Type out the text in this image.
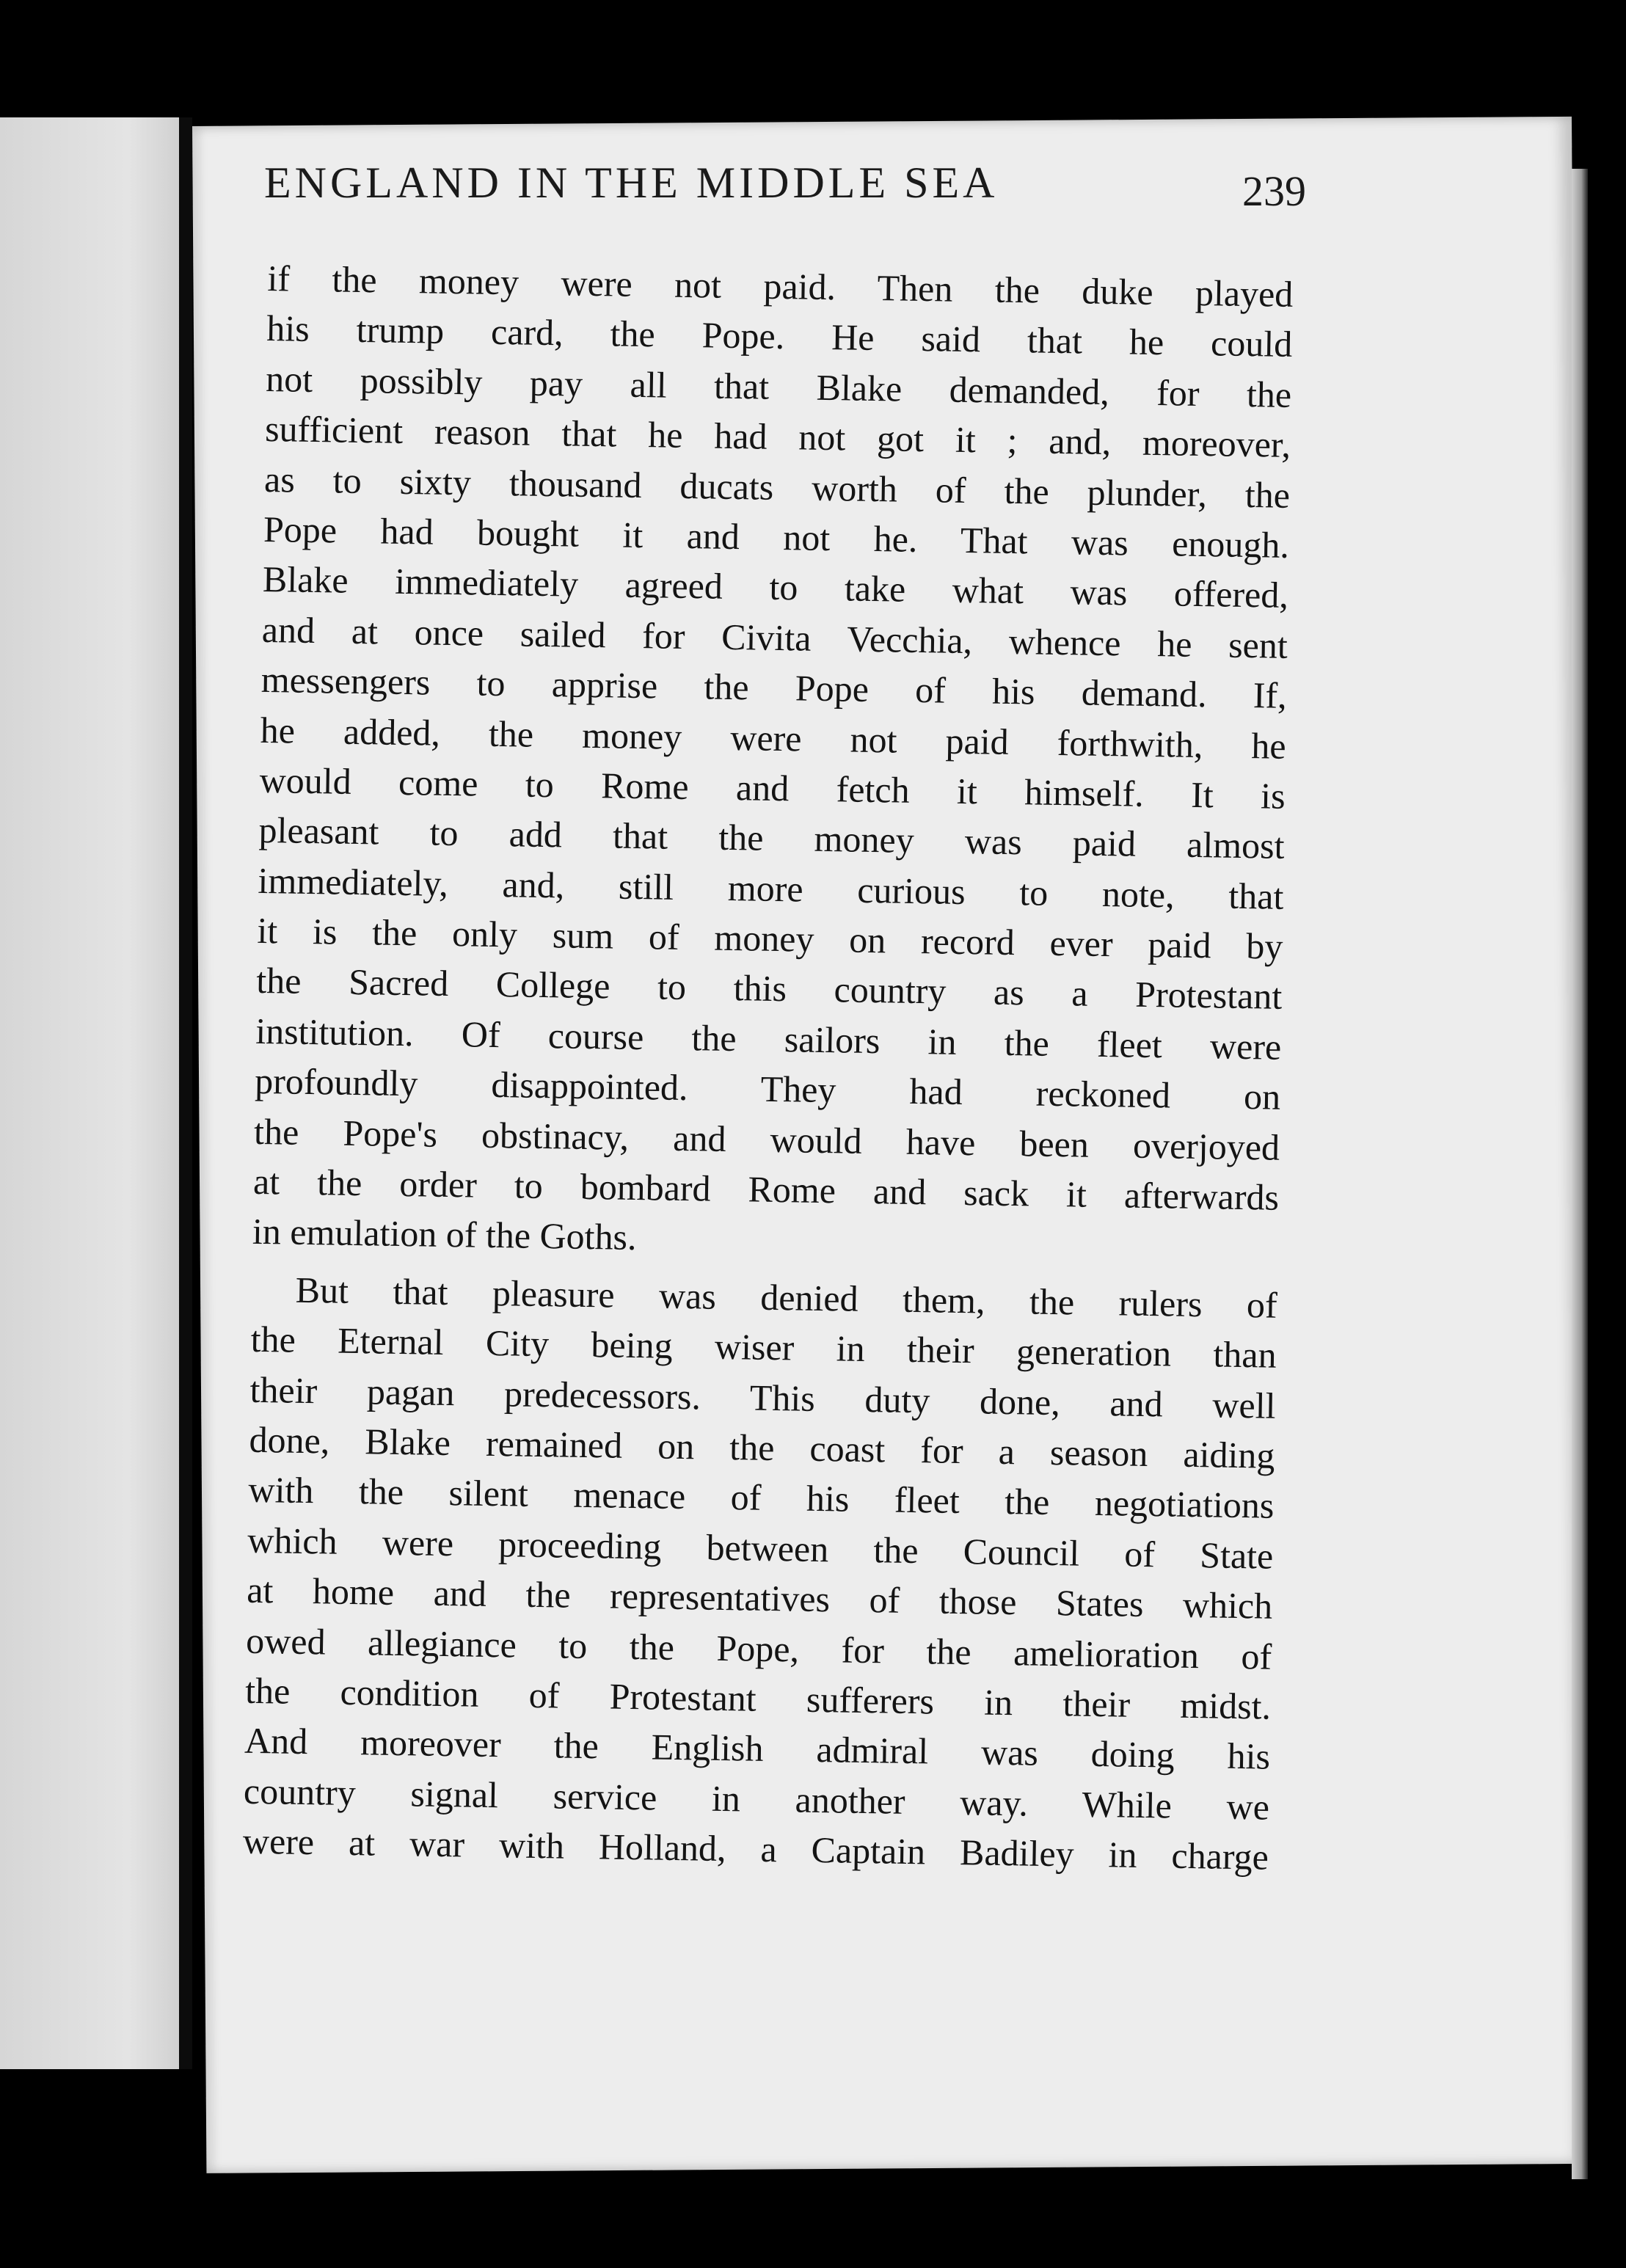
ENGLAND IN THE MIDDLE SEA	239
if the money were not paid. Then the duke played
his trump card, the Pope. He said that he could
not possibly pay all that Blake demanded, for the
sufficient reason that he had not got it ; and, moreover,
as to sixty thousand ducats worth of the plunder, the
Pope had bought it and not he. That was enough.
Blake immediately agreed to take what was offered,
and at once sailed for Civita Vecchia, whence he sent
messengers to apprise the Pope of his demand. If,
he added, the money were not paid forthwith, he
would come to Rome and fetch it himself. It is
pleasant to add that the money was paid almost
immediately, and, still more curious to note, that
it is the only sum of money on record ever paid by
the Sacred College to this country as a Protestant
institution. Of course the sailors in the fleet were
profoundly disappointed. They had reckoned on
the Pope's obstinacy, and would have been overjoyed
at the order to bombard Rome and sack it afterwards
in emulation of the Goths.
But that pleasure was denied them, the rulers of
the Eternal City being wiser in their generation than
their pagan predecessors. This duty done, and well
done, Blake remained on the coast for a season aiding
with the silent menace of his fleet the negotiations
which were proceeding between the Council of State
at home and the representatives of those States which
owed allegiance to the Pope, for the amelioration of
the condition of Protestant sufferers in their midst.
And moreover the English admiral was doing his
country signal service in another way. While we
were at war with Holland, a Captain Badiley in charge
